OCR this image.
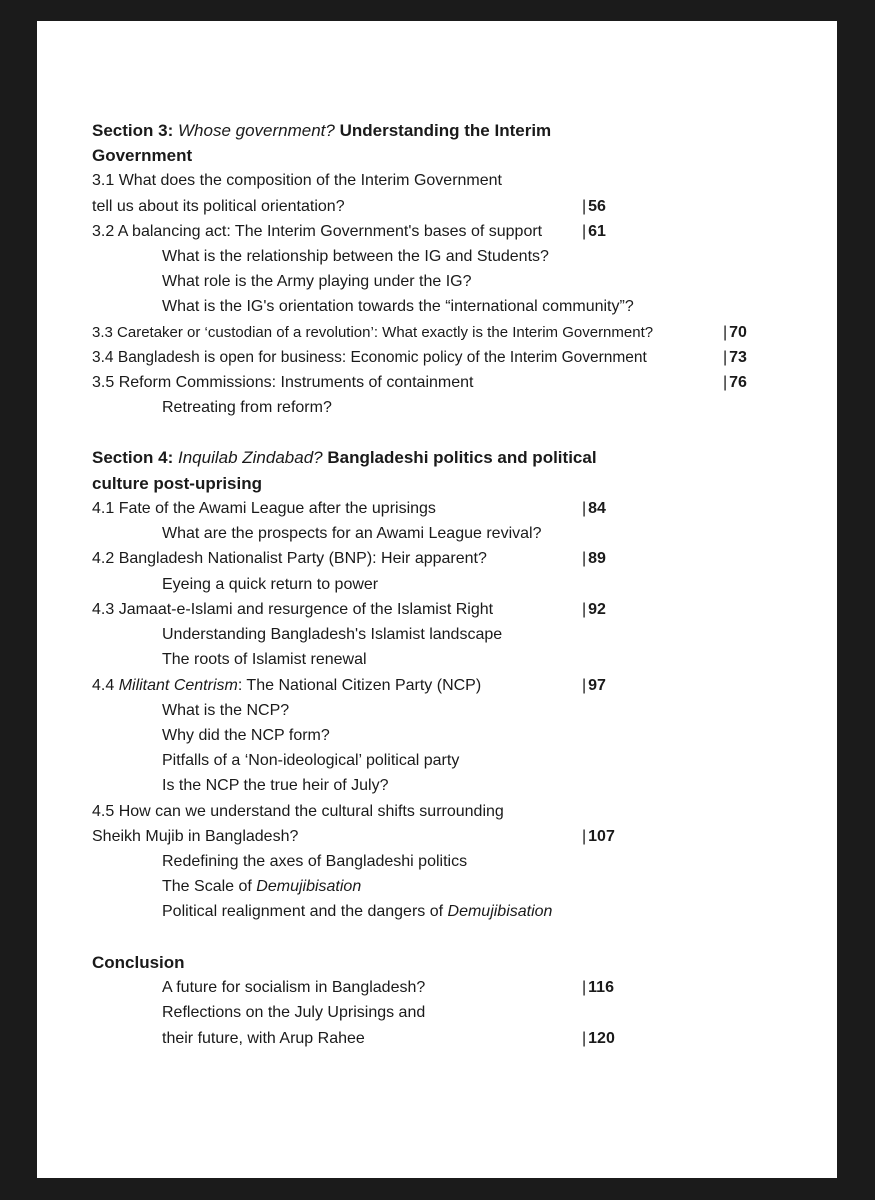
Section 3: Whose government? Understanding the Interim
Government
3.1 What does the composition of the Interim Government
tell us about its political orientation?	| 56
3.2 A balancing act: The Interim Government's bases of support | 61
What is the relationship between the IG and Students?
What role is the Army playing under the IG?
What is the IG's orientation towards the “international community”?
3.3 Caretaker or ‘custodian of a revolution’: What exactly is the Interim Government?	| 70
3.4 Bangladesh is open for business: Economic policy of the Interim Government	| 73
3.5 Reform Commissions: Instruments of containment	| 76
Retreating from reform?
Section 4: Inquilab Zindabad? Bangladeshi politics and political
culture post-uprising
4.1 Fate of the Awami League after the uprisings	| 84
What are the prospects for an Awami League revival?
4.2 Bangladesh Nationalist Party (BNP): Heir apparent?	| 89
Eyeing a quick return to power
4.3 Jamaat-e-Islami and resurgence of the Islamist Right	| 92
Understanding Bangladesh's Islamist landscape
The roots of Islamist renewal
4.4 Militant Centrism: The National Citizen Party (NCP)	| 97
What is the NCP?
Why did the NCP form?
Pitfalls of a ‘Non-ideological’ political party
Is the NCP the true heir of July?
4.5 How can we understand the cultural shifts surrounding
Sheikh Mujib in Bangladesh?	| 107
Redefining the axes of Bangladeshi politics
The Scale of Demujibisation
Political realignment and the dangers of Demujibisation
Conclusion
A future for socialism in Bangladesh?	| 116
Reflections on the July Uprisings and
their future, with Arup Rahee	| 120
